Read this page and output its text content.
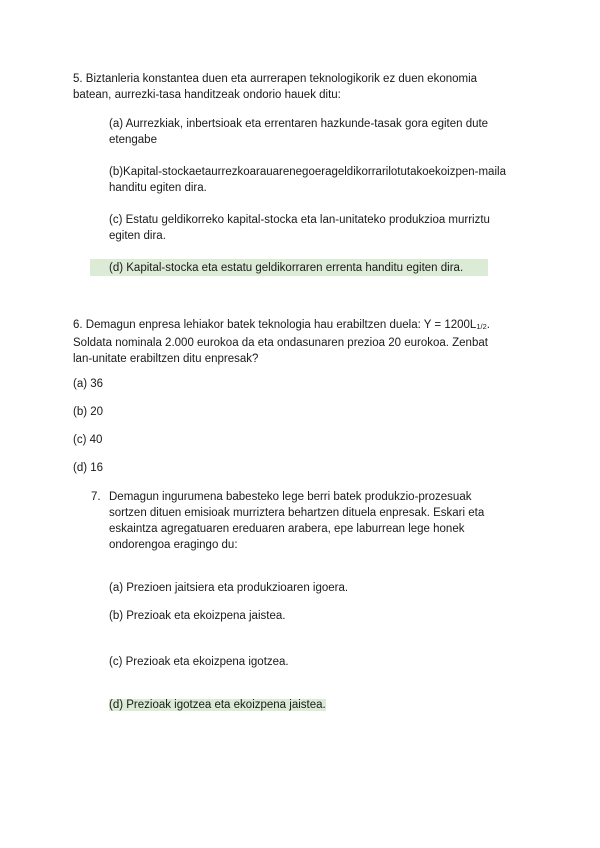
5. Biztanleria konstantea duen eta aurrerapen teknologikorik ez duen ekonomia
batean, aurrezki-tasa handitzeak ondorio hauek ditu:
(a) Aurrezkiak, inbertsioak eta errentaren hazkunde-tasak gora egiten dute
etengabe
(b)Kapital-stockaetaurrezkoarauarenegoerageldikorrarilotutakoekoizpen-maila
handitu egiten dira.
(c) Estatu geldikorreko kapital-stocka eta lan-unitateko produkzioa murriztu
egiten dira.
(d) Kapital-stocka eta estatu geldikorraren errenta handitu egiten dira.
6. Demagun enpresa lehiakor batek teknologia hau erabiltzen duela: $Y = 1200L_{1/2}$.
Soldata nominala 2.000 eurokoa da eta ondasunaren prezioa 20 eurokoa. Zenbat
lan-unitate erabiltzen ditu enpresak?
(a) 36
(b) 20
(c) 40
(d) 16
7. Demagun ingurumena babesteko lege berri batek produkzio-prozesuak
sortzen dituen emisioak murriztera behartzen dituela enpresak. Eskari eta
eskaintza agregatuaren ereduaren arabera, epe laburrean lege honek
ondorengoa eragingo du:
(a) Prezioen jaitsiera eta produkzioaren igoera.
(b) Prezioak eta ekoizpena jaistea.
(c) Prezioak eta ekoizpena igotzea.
(d) Prezioak igotzea eta ekoizpena jaistea.
